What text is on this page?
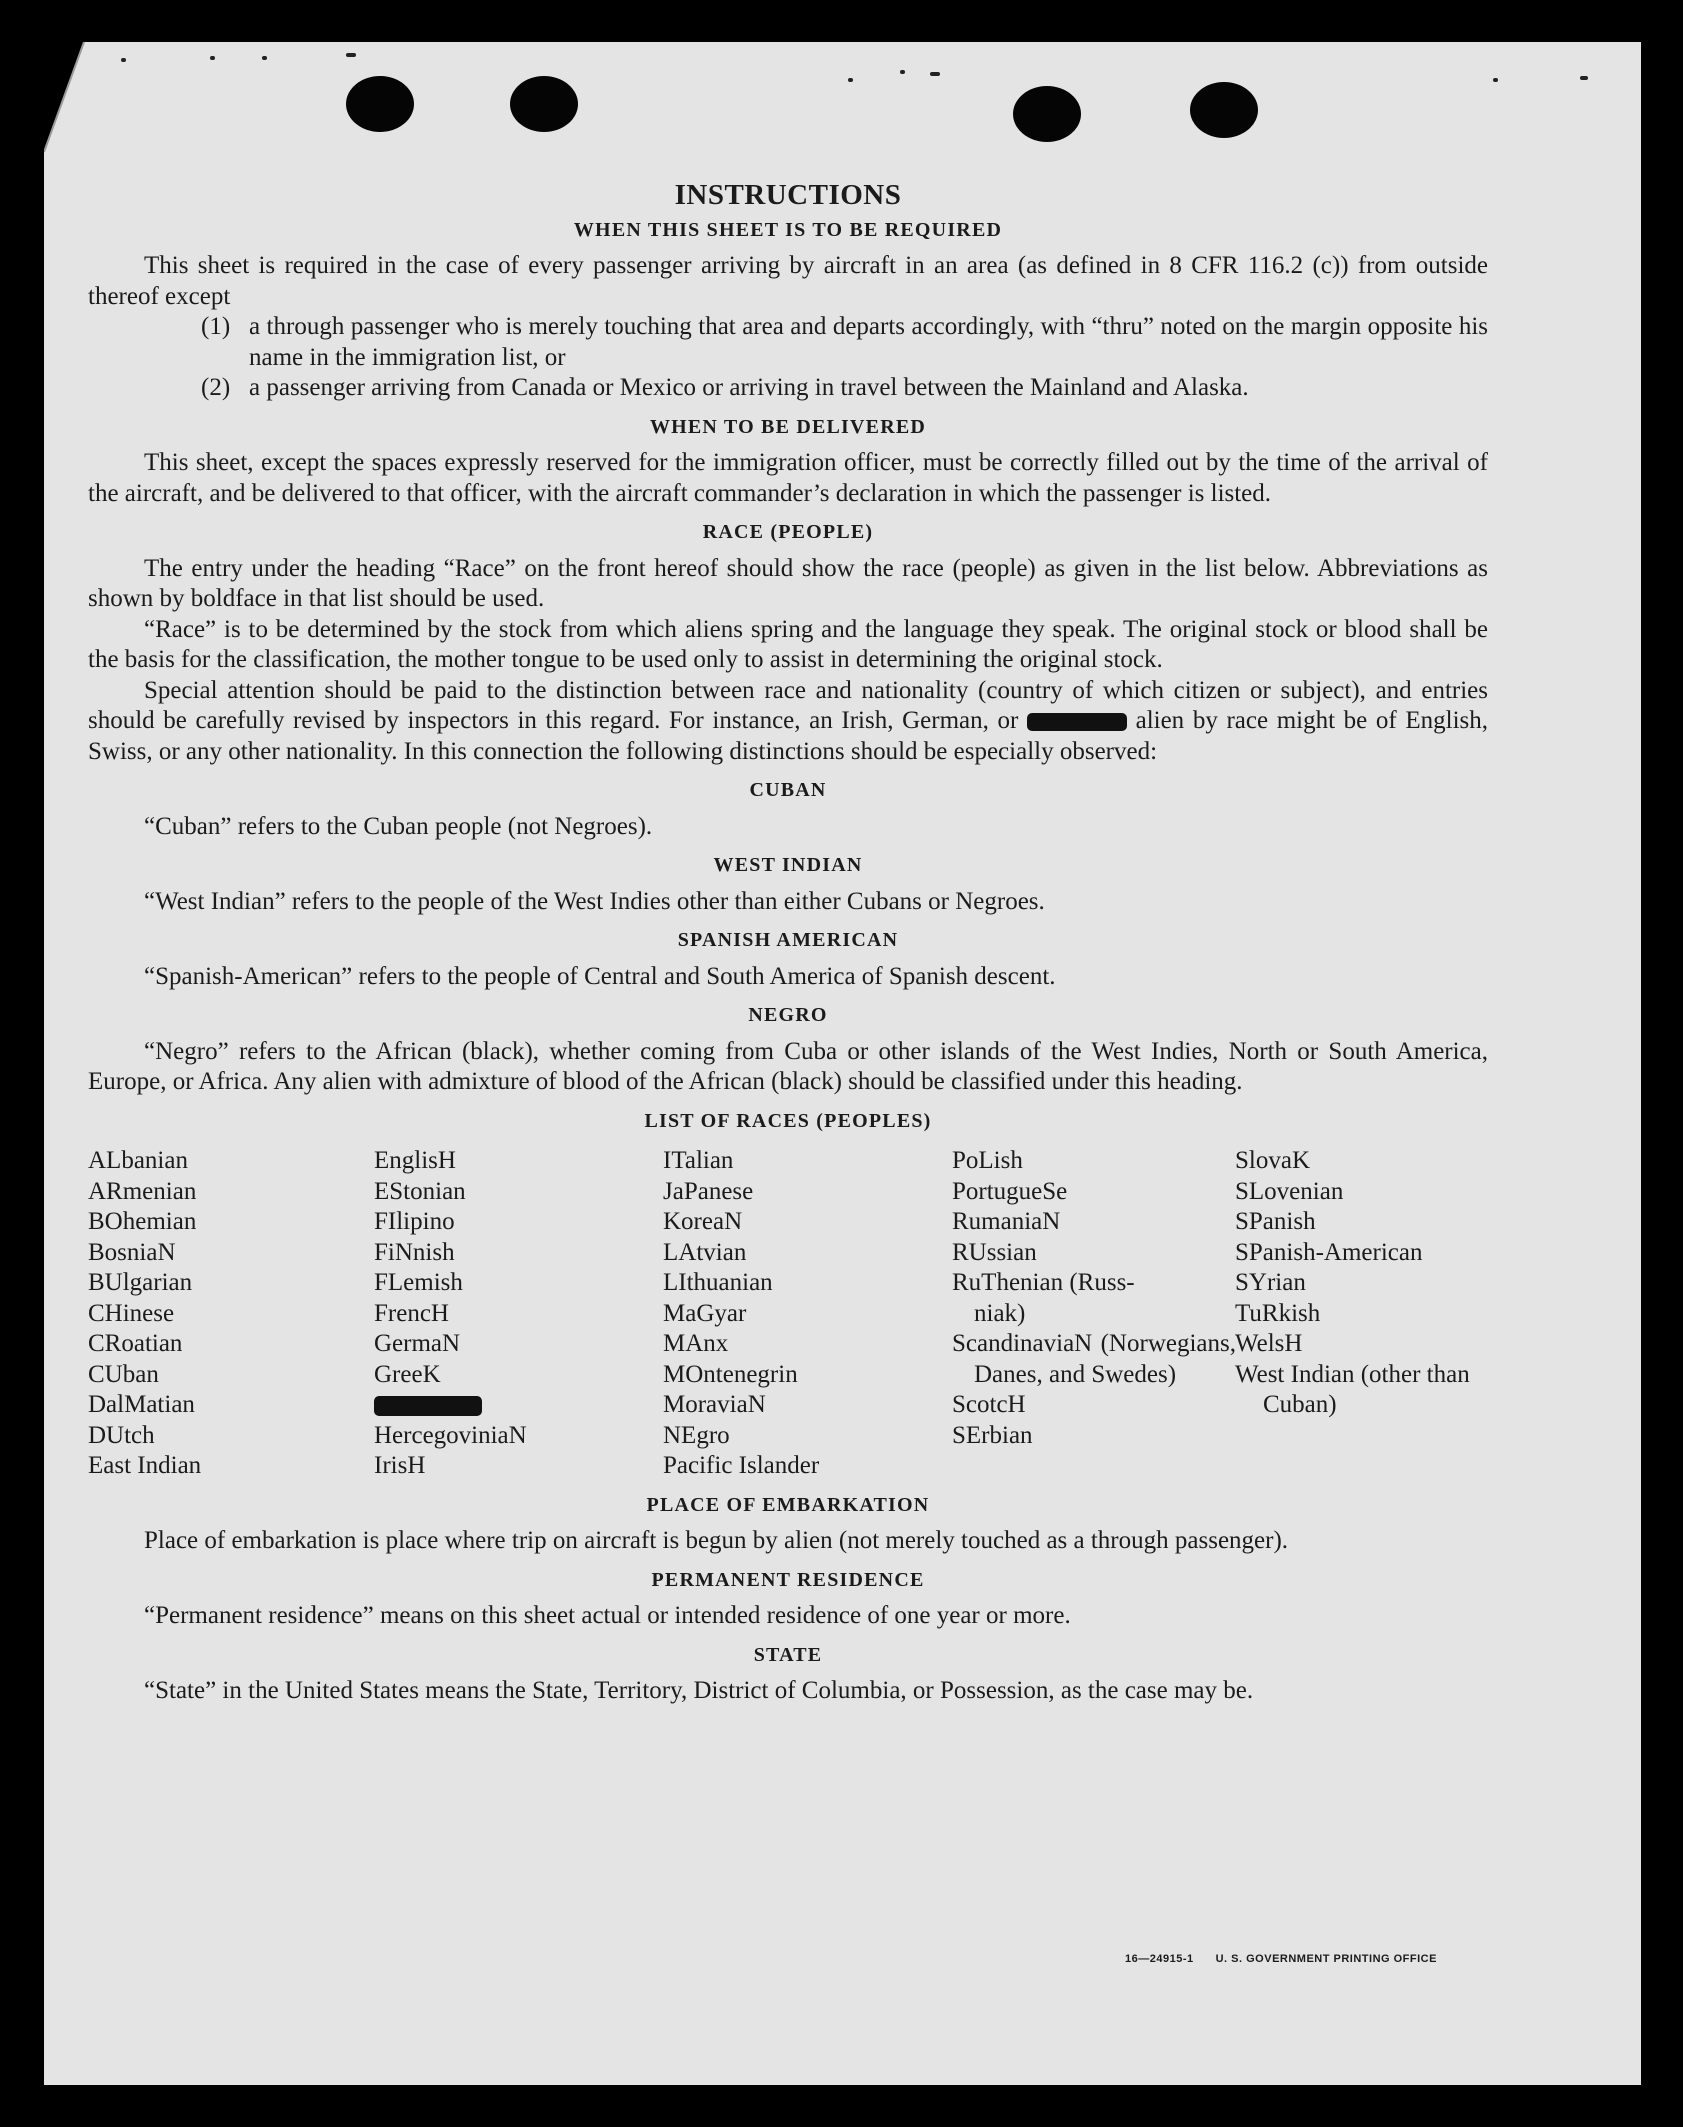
INSTRUCTIONS
WHEN THIS SHEET IS TO BE REQUIRED

This sheet is required in the case of every passenger arriving by aircraft in an area (as defined in 8 CFR 116.2 (c)) from outside thereof except

(1) a through passenger who is merely touching that area and departs accordingly, with “thru” noted on the margin opposite his name in the immigration list, or
(2) a passenger arriving from Canada or Mexico or arriving in travel between the Mainland and Alaska.
WHEN TO BE DELIVERED

This sheet, except the spaces expressly reserved for the immigration officer, must be correctly filled out by the time of the arrival of the aircraft, and be delivered to that officer, with the aircraft commander’s declaration in which the passenger is listed.

RACE (PEOPLE)

The entry under the heading “Race” on the front hereof should show the race (people) as given in the list below. Abbreviations as shown by boldface in that list should be used.

“Race” is to be determined by the stock from which aliens spring and the language they speak. The original stock or blood shall be the basis for the classification, the mother tongue to be used only to assist in determining the original stock.

Special attention should be paid to the distinction between race and nationality (country of which citizen or subject), and entries should be carefully revised by inspectors in this regard. For instance, an Irish, German, or	alien by race might be of English, Swiss, or any other nationality. In this connection the following distinctions should be especially observed:

CUBAN

“Cuban” refers to the Cuban people (not Negroes).

WEST INDIAN

“West Indian” refers to the people of the West Indies other than either Cubans or Negroes.

SPANISH AMERICAN

“Spanish-American” refers to the people of Central and South America of Spanish descent.

NEGRO

“Negro” refers to the African (black), whether coming from Cuba or other islands of the West Indies, North or South America, Europe, or Africa. Any alien with admixture of blood of the African (black) should be classified under this heading.

LIST OF RACES (PEOPLES)
ALbanian
ARmenian
BOhemian
BosniaN
BUlgarian
CHinese
CRoatian
CUban
DalMatian
DUtch
East Indian
EnglisH
EStonian
FIlipino
FiNnish
FLemish
FrencH
GermaN
GreeK
HercegoviniaN
IrisH
ITalian
JaPanese
KoreaN
LAtvian
LIthuanian
MaGyar
MAnx
MOntenegrin
MoraviaN
NEgro
Pacific Islander
PoLish
PortugueSe
RumaniaN
RUssian
RuThenian (Russ-
niak)
ScandinaviaN (Norwegians, Danes, and Swedes)
ScotcH
SErbian
SlovaK
SLovenian
SPanish
SPanish-American
SYrian
TuRkish
WelsH
West Indian (other than Cuban)
PLACE OF EMBARKATION

Place of embarkation is place where trip on aircraft is begun by alien (not merely touched as a through passenger).

PERMANENT RESIDENCE

“Permanent residence” means on this sheet actual or intended residence of one year or more.

STATE

“State” in the United States means the State, Territory, District of Columbia, or Possession, as the case may be.

16—24915-1 U. S. GOVERNMENT PRINTING OFFICE
